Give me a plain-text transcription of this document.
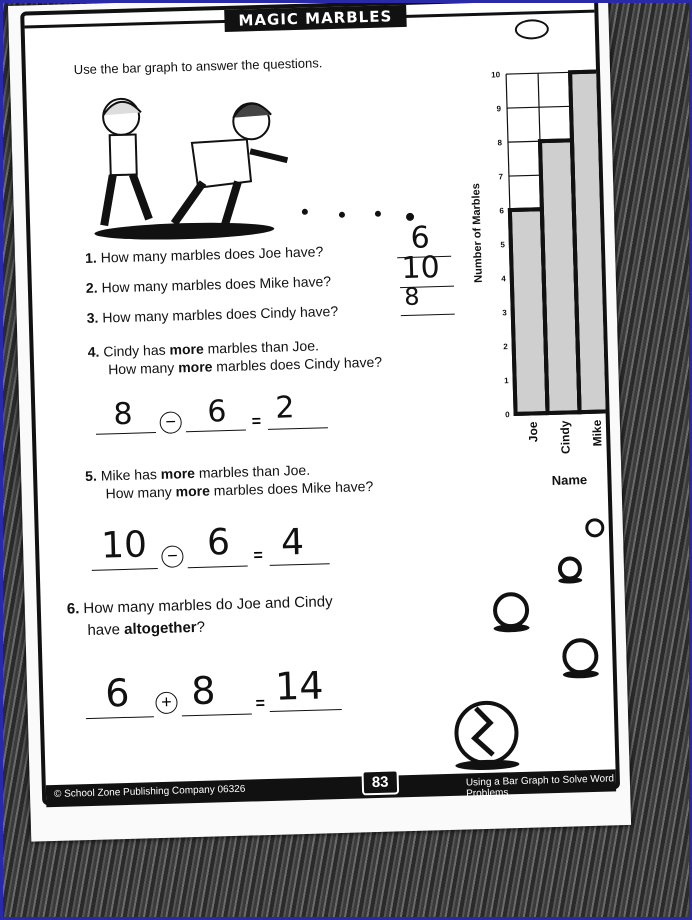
MAGIC MARBLES
Use the bar graph to answer the questions.
1. How many marbles does Joe have?	6
2. How many marbles does Mike have? 10
3. How many marbles does Cindy have?
8
4. Cindy has more marbles than Joe.
How many more marbles does Cindy have?
8	− 6 = 2
5. Mike has more marbles than Joe.
How many more marbles does Mike have?
10	− 6 = 4
6. How many marbles do Joe and Cindy
have altogether?
6	+ 8 = 14
0
1
2
3
4
5
6
7
8
9
10
Joe Cindy Mike
Number of Marbles
Name
© School Zone Publishing Company 06326
Using a Bar Graph to Solve Word Problems
83
